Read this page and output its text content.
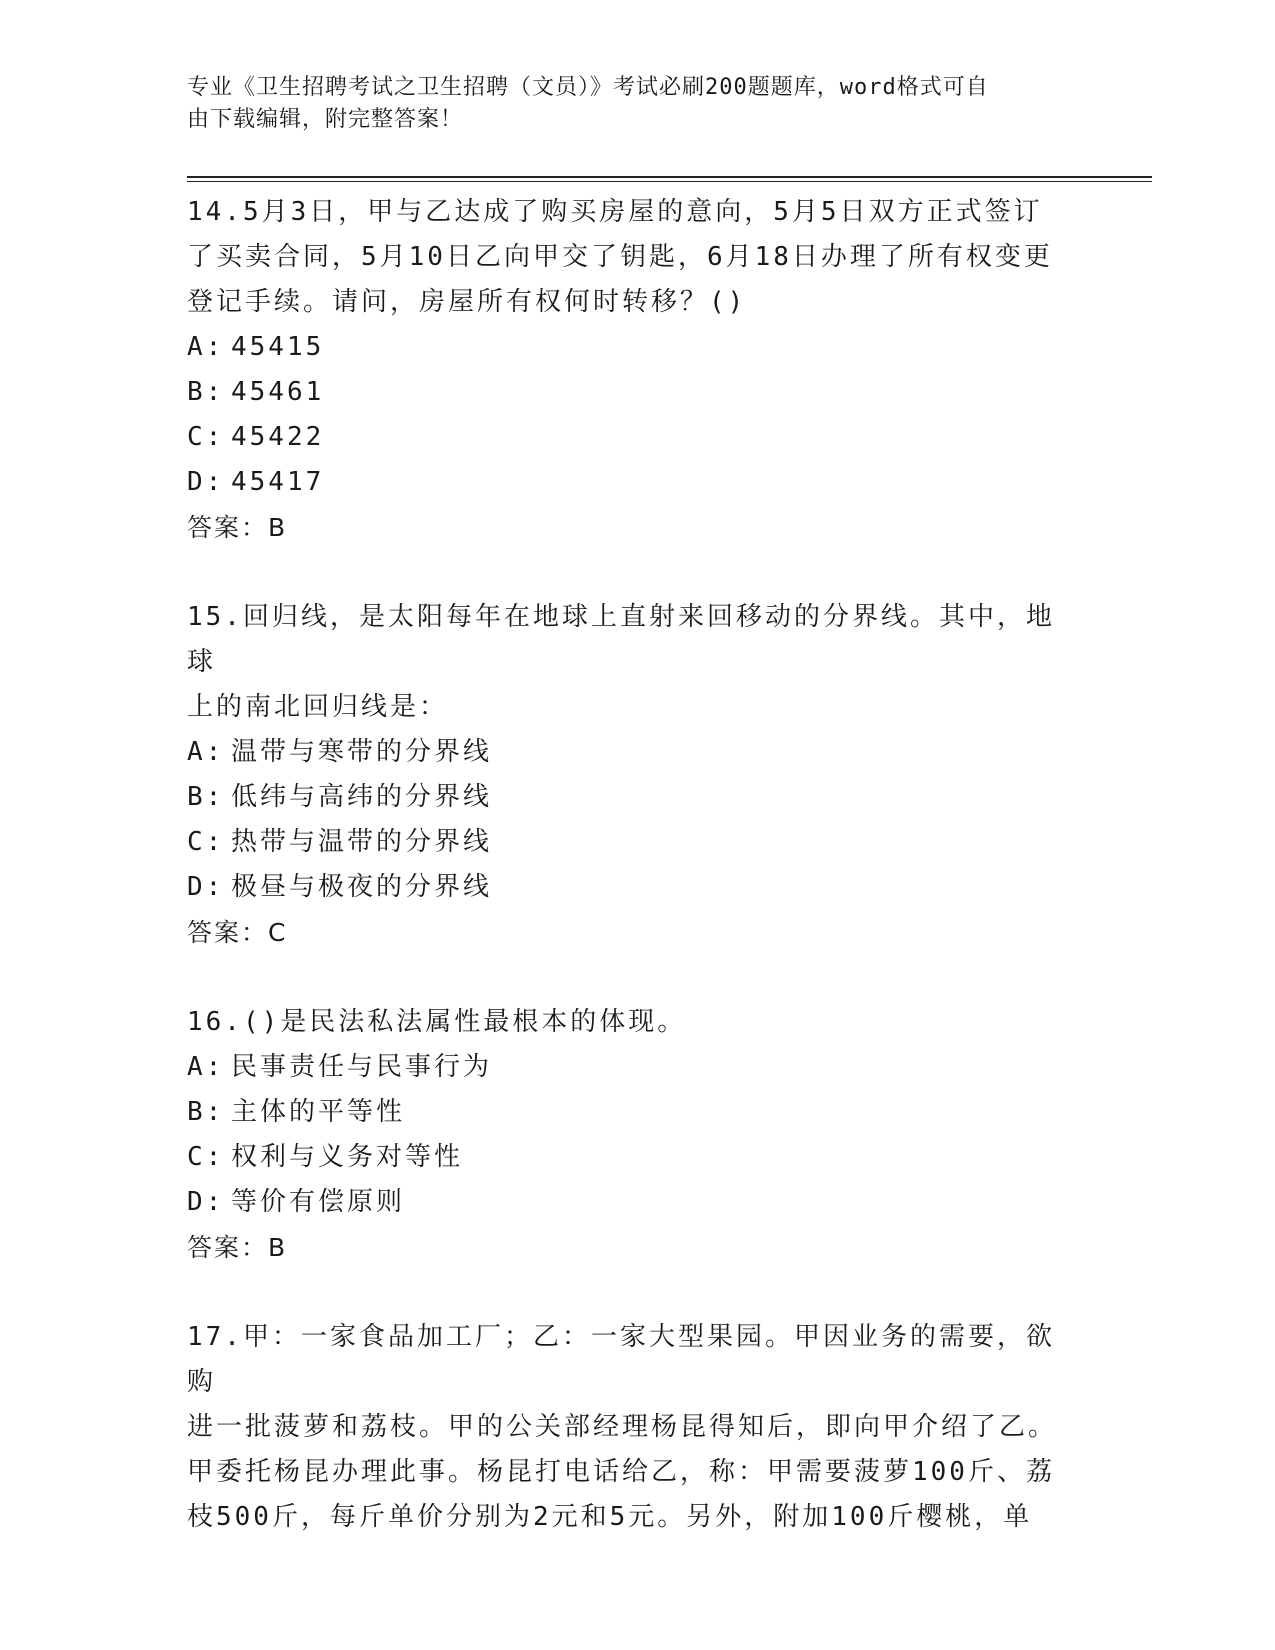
专业《卫生招聘考试之卫生招聘（文员）》考试必刷200题题库，word格式可自
由下载编辑，附完整答案！

14.5月3日，甲与乙达成了购买房屋的意向，5月5日双方正式签订

了买卖合同，5月10日乙向甲交了钥匙，6月18日办理了所有权变更

登记手续。请问，房屋所有权何时转移？()

A: 45415

B: 45461

C: 45422

D: 45417

答案：B

15.回归线，是太阳每年在地球上直射来回移动的分界线。其中，地球

上的南北回归线是：

A: 温带与寒带的分界线

B: 低纬与高纬的分界线

C: 热带与温带的分界线

D: 极昼与极夜的分界线

答案：C

16.()是民法私法属性最根本的体现。

A: 民事责任与民事行为

B: 主体的平等性

C: 权利与义务对等性

D: 等价有偿原则

答案：B

17.甲：一家食品加工厂；乙：一家大型果园。甲因业务的需要，欲购

进一批菠萝和荔枝。甲的公关部经理杨昆得知后，即向甲介绍了乙。

甲委托杨昆办理此事。杨昆打电话给乙，称：甲需要菠萝100斤、荔

枝500斤，每斤单价分别为2元和5元。另外，附加100斤樱桃，单
